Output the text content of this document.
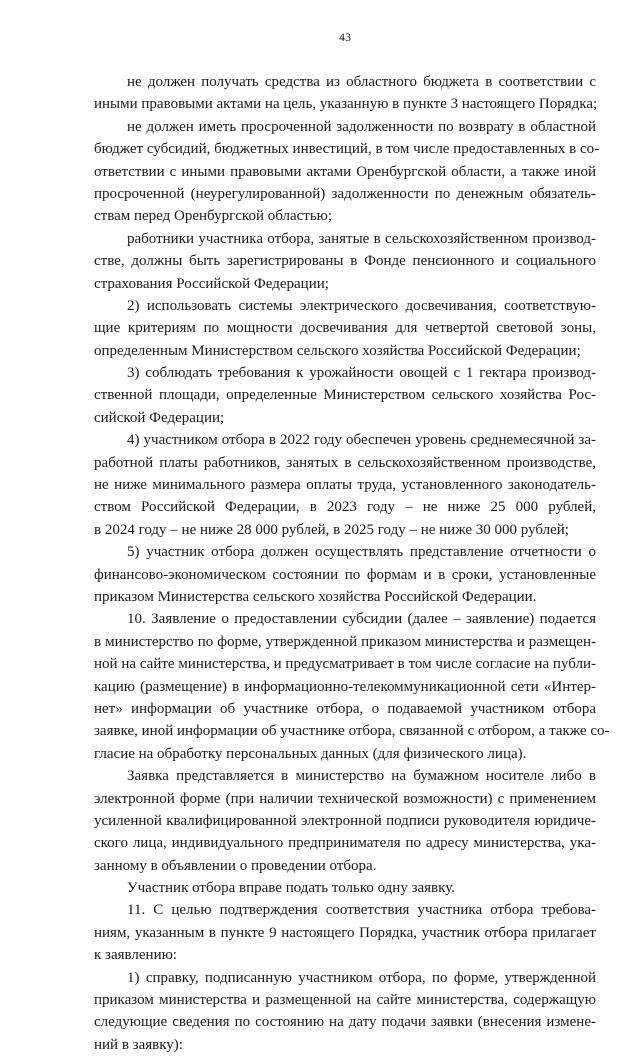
43

не должен получать средства из областного бюджета в соответствии с
иными правовыми актами на цель, указанную в пункте 3 настоящего Порядка;

не должен иметь просроченной задолженности по возврату в областной
бюджет субсидий, бюджетных инвестиций, в том числе предоставленных в со-
ответствии с иными правовыми актами Оренбургской области, а также иной
просроченной (неурегулированной) задолженности по денежным обязатель-
ствам перед Оренбургской областью;

работники участника отбора, занятые в сельскохозяйственном производ-
стве, должны быть зарегистрированы в Фонде пенсионного и социального
страхования Российской Федерации;

2) использовать системы электрического досвечивания, соответствую-
щие критериям по мощности досвечивания для четвертой световой зоны,
определенным Министерством сельского хозяйства Российской Федерации;

3) соблюдать требования к урожайности овощей с 1 гектара производ-
ственной площади, определенные Министерством сельского хозяйства Рос-
сийской Федерации;

4) участником отбора в 2022 году обеспечен уровень среднемесячной за-
работной платы работников, занятых в сельскохозяйственном производстве,
не ниже минимального размера оплаты труда, установленного законодатель-
ством Российской Федерации, в 2023 году – не ниже 25 000 рублей,
в 2024 году – не ниже 28 000 рублей, в 2025 году – не ниже 30 000 рублей;

5) участник отбора должен осуществлять представление отчетности о
финансово-экономическом состоянии по формам и в сроки, установленные
приказом Министерства сельского хозяйства Российской Федерации.

10. Заявление о предоставлении субсидии (далее – заявление) подается
в министерство по форме, утвержденной приказом министерства и размещен-
ной на сайте министерства, и предусматривает в том числе согласие на публи-
кацию (размещение) в информационно-телекоммуникационной сети «Интер-
нет» информации об участнике отбора, о подаваемой участником отбора
заявке, иной информации об участнике отбора, связанной с отбором, а также со-
гласие на обработку персональных данных (для физического лица).

Заявка представляется в министерство на бумажном носителе либо в
электронной форме (при наличии технической возможности) с применением
усиленной квалифицированной электронной подписи руководителя юридиче-
ского лица, индивидуального предпринимателя по адресу министерства, ука-
занному в объявлении о проведении отбора.

Участник отбора вправе подать только одну заявку.

11. С целью подтверждения соответствия участника отбора требова-
ниям, указанным в пункте 9 настоящего Порядка, участник отбора прилагает
к заявлению:

1) справку, подписанную участником отбора, по форме, утвержденной
приказом министерства и размещенной на сайте министерства, содержащую
следующие сведения по состоянию на дату подачи заявки (внесения измене-
ний в заявку):
